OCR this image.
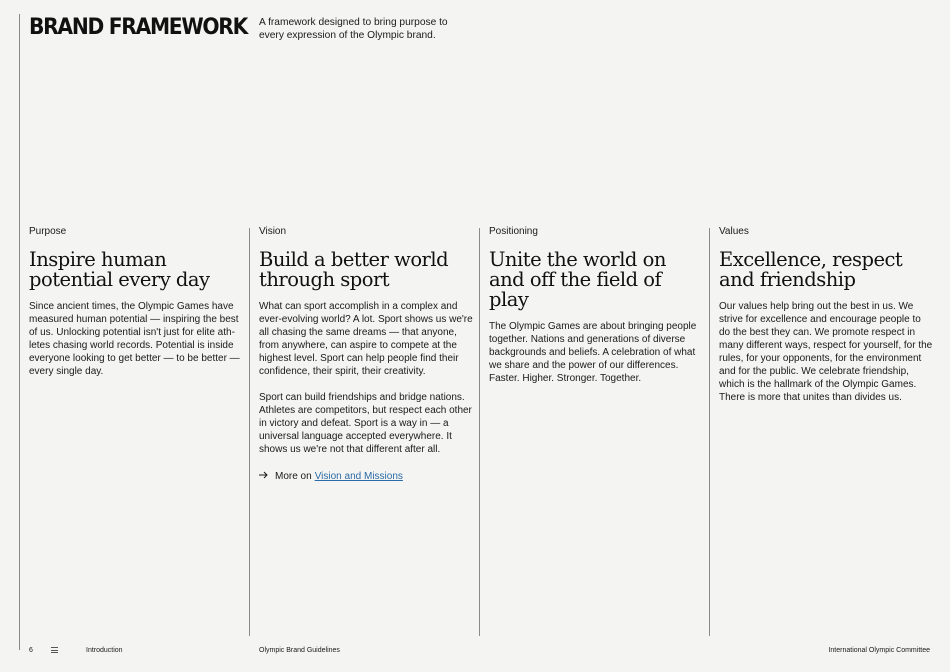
BRAND FRAMEWORK A framework designed to bring purpose to every expression of the Olympic brand.
Purpose
Inspire human potential every day

Since ancient times, the Olympic Games have measured human potential — inspiring the best of us. Unlocking potential isn't just for elite ath-letes chasing world records. Potential is inside everyone looking to get better — to be better — every single day.

Vision
Build a better world through sport

What can sport accomplish in a complex and ever-evolving world? A lot. Sport shows us we're all chasing the same dreams — that anyone, from anywhere, can aspire to compete at the highest level. Sport can help people find their confidence, their spirit, their creativity.

Sport can build friendships and bridge nations. Athletes are competitors, but respect each other in victory and defeat. Sport is a way in — a universal language accepted everywhere. It shows us we're not that different after all.

More on Vision and Missions
Positioning
Unite the world on and off the field of play

The Olympic Games are about bringing people together. Nations and generations of diverse backgrounds and beliefs. A celebration of what we share and the power of our differences. Faster. Higher. Stronger. Together.

Values
Excellence, respect and friendship

Our values help bring out the best in us. We strive for excellence and encourage people to do the best they can. We promote respect in many different ways, respect for yourself, for the rules, for your opponents, for the environment and for the public. We celebrate friendship, which is the hallmark of the Olympic Games. There is more that unites than divides us.

6	Introduction	Olympic Brand Guidelines	International Olympic Committee
